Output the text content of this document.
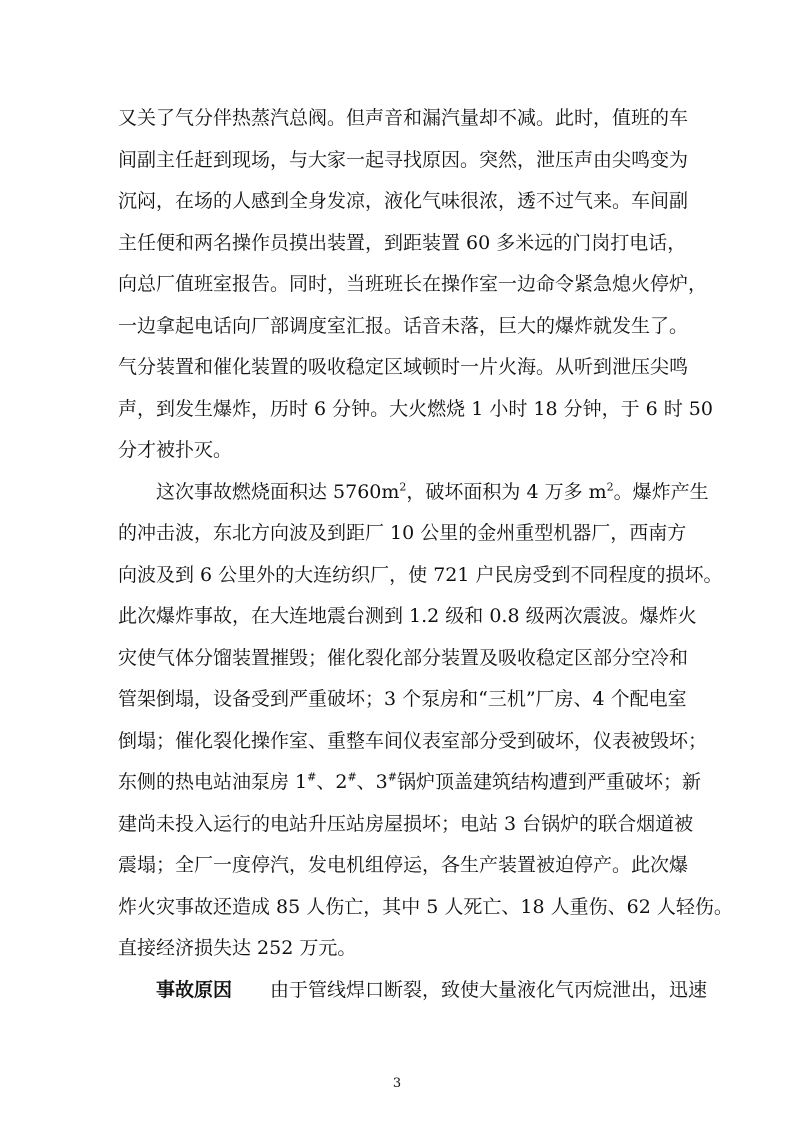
又关了气分伴热蒸汽总阀。但声音和漏汽量却不减。此时，值班的车
间副主任赶到现场，与大家一起寻找原因。突然，泄压声由尖鸣变为
沉闷，在场的人感到全身发凉，液化气味很浓，透不过气来。车间副
主任便和两名操作员摸出装置，到距装置 60 多米远的门岗打电话，
向总厂值班室报告。同时，当班班长在操作室一边命令紧急熄火停炉，
一边拿起电话向厂部调度室汇报。话音未落，巨大的爆炸就发生了。
气分装置和催化装置的吸收稳定区域顿时一片火海。从听到泄压尖鸣
声，到发生爆炸，历时 6 分钟。大火燃烧 1 小时 18 分钟，于 6 时 50
分才被扑灭。
这次事故燃烧面积达 $5760m^2$，破坏面积为 4 万多 $m^2$。爆炸产生
的冲击波，东北方向波及到距厂 10 公里的金州重型机器厂，西南方
向波及到 6 公里外的大连纺织厂，使 721 户民房受到不同程度的损坏。
此次爆炸事故，在大连地震台测到 1.2 级和 0.8 级两次震波。爆炸火
灾使气体分馏装置摧毁；催化裂化部分装置及吸收稳定区部分空冷和
管架倒塌，设备受到严重破坏；3 个泵房和“三机”厂房、4 个配电室
倒塌；催化裂化操作室、重整车间仪表室部分受到破坏，仪表被毁坏；
东侧的热电站油泵房 1#、2#、3#锅炉顶盖建筑结构遭到严重破坏；新
建尚未投入运行的电站升压站房屋损坏；电站 3 台锅炉的联合烟道被
震塌；全厂一度停汽，发电机组停运，各生产装置被迫停产。此次爆
炸火灾事故还造成 85 人伤亡，其中 5 人死亡、18 人重伤、62 人轻伤。
直接经济损失达 252 万元。
事故原因 由于管线焊口断裂，致使大量液化气丙烷泄出，迅速
3
